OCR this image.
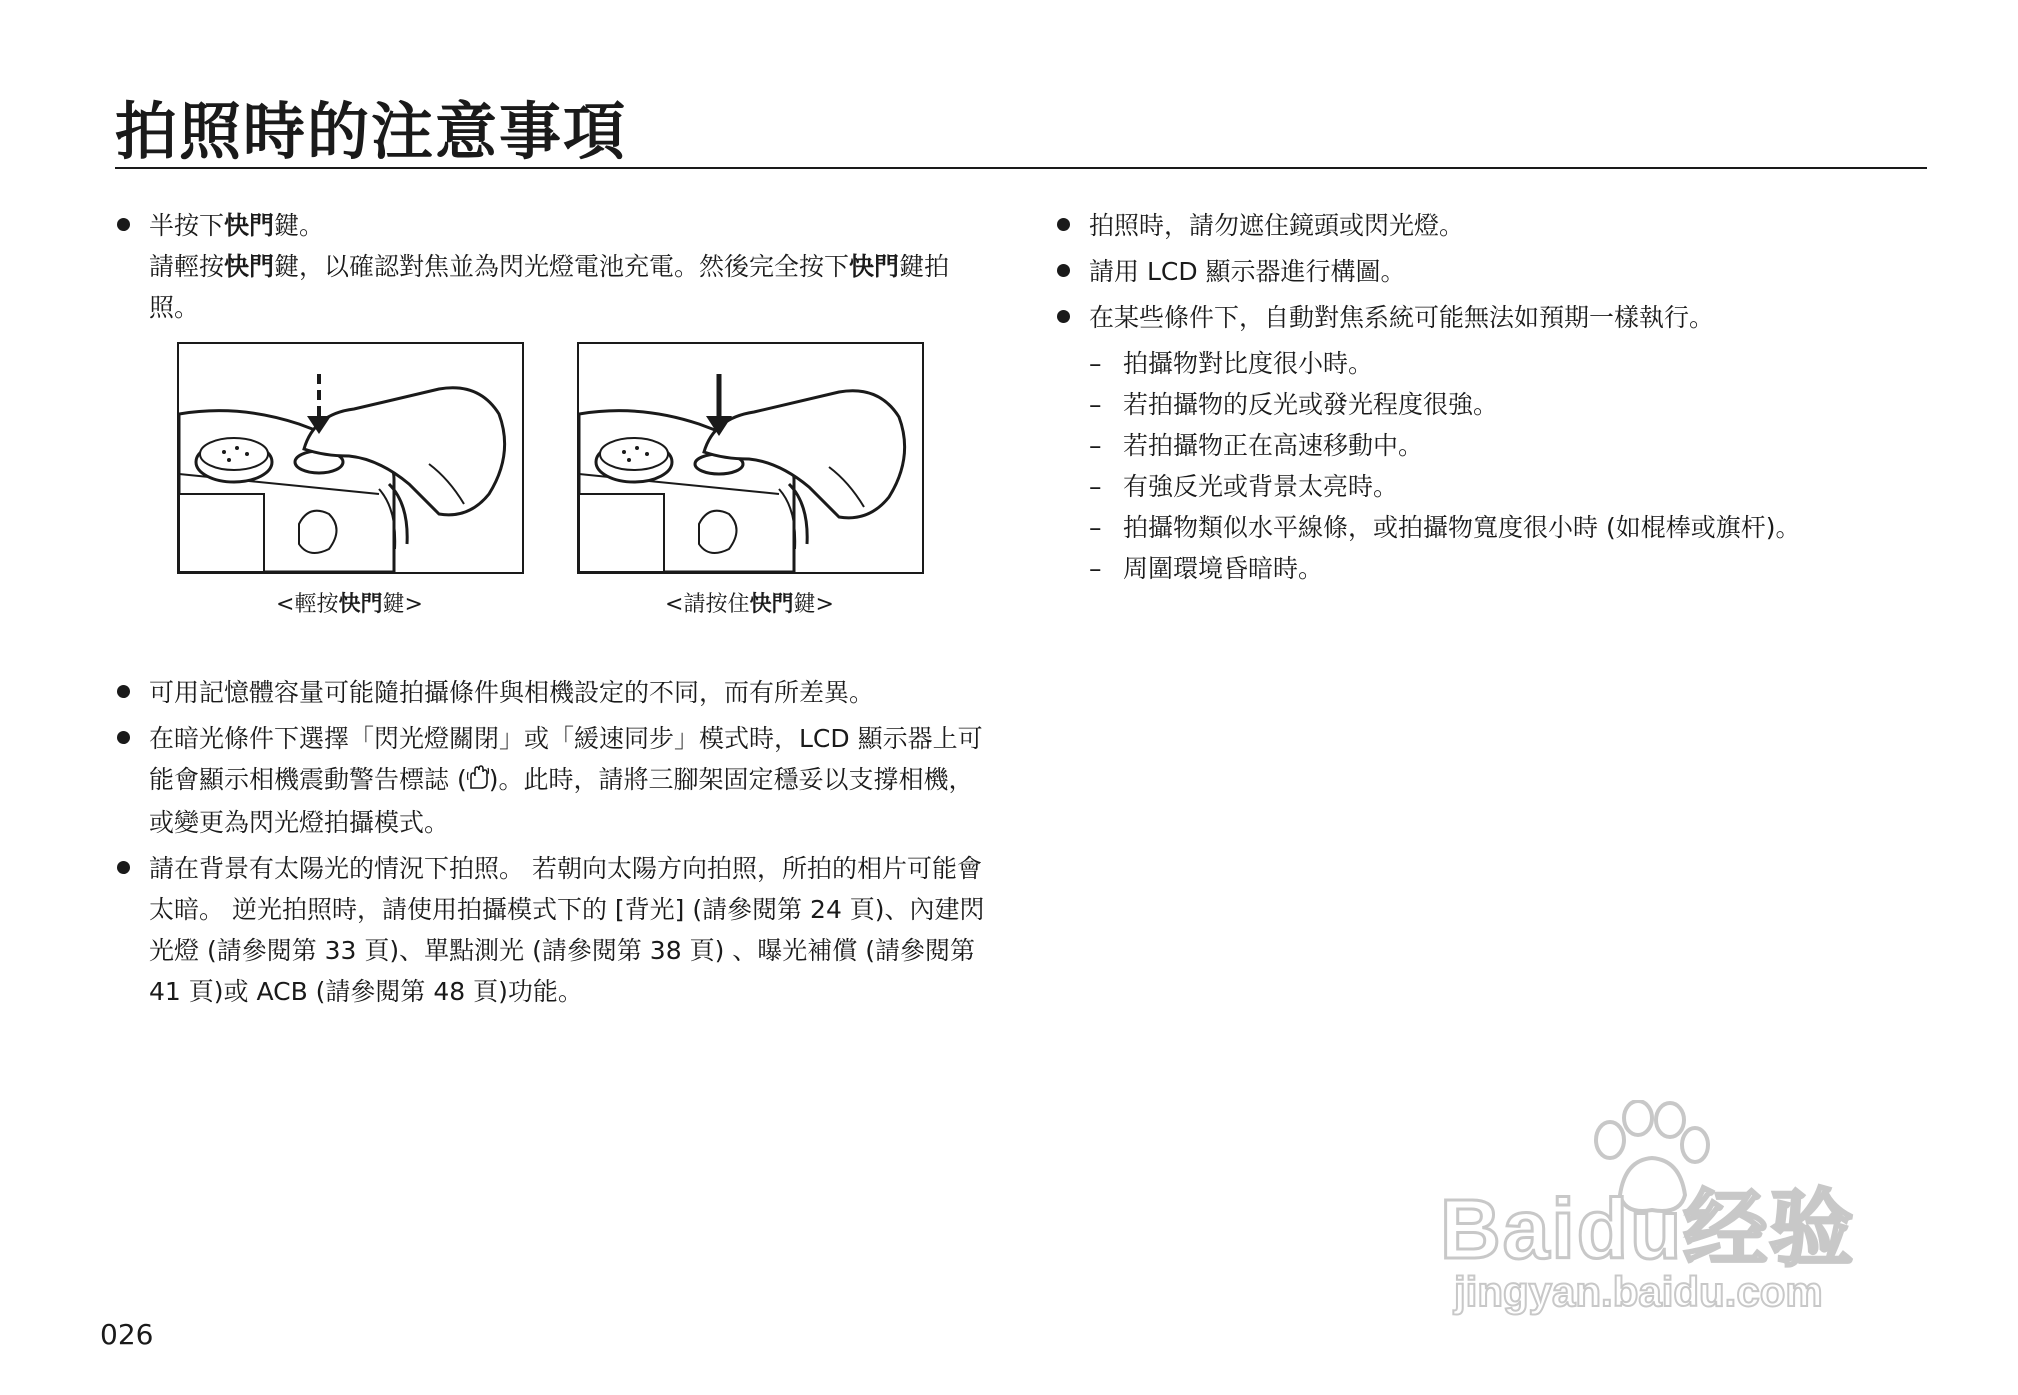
拍照時的注意事項
半按下快門鍵。
請輕按快門鍵，以確認對焦並為閃光燈電池充電。然後完全按下快門鍵拍照。
<輕按快門鍵>	<請按住快門鍵>
可用記憶體容量可能隨拍攝條件與相機設定的不同，而有所差異。
在暗光條件下選擇「閃光燈關閉」或「緩速同步」模式時，LCD 顯示器上可能會顯示相機震動警告標誌 ( )。此時，請將三腳架固定穩妥以支撐相機，或變更為閃光燈拍攝模式。
請在背景有太陽光的情況下拍照。 若朝向太陽方向拍照，所拍的相片可能會太暗。 逆光拍照時，請使用拍攝模式下的 [背光] (請參閱第 24 頁)、內建閃光燈 (請參閱第 33 頁)、單點測光 (請參閱第 38 頁) 、曝光補償 (請參閱第 41 頁)或 ACB (請參閱第 48 頁)功能。
拍照時，請勿遮住鏡頭或閃光燈。
請用 LCD 顯示器進行構圖。
在某些條件下，自動對焦系統可能無法如預期一樣執行。
– 拍攝物對比度很小時。
– 若拍攝物的反光或發光程度很強。
– 若拍攝物正在高速移動中。
– 有強反光或背景太亮時。
– 拍攝物類似水平線條，或拍攝物寬度很小時 (如棍棒或旗杆)。
– 周圍環境昏暗時。
026
Baidu经验
jingyan.baidu.com
